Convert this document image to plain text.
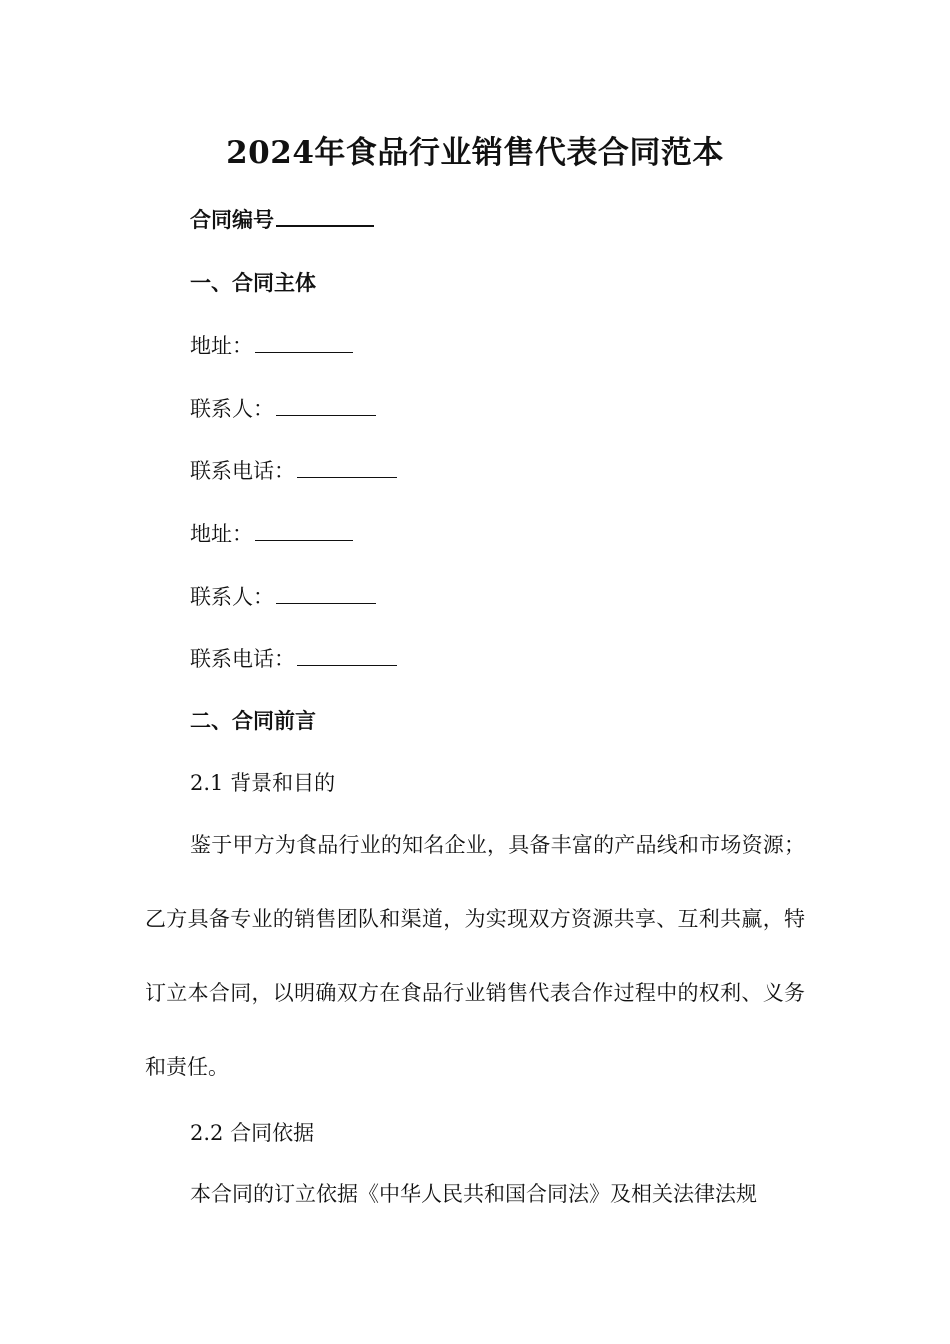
2024年食品行业销售代表合同范本
合同编号
一、合同主体
地址：
联系人：
联系电话：
地址：
联系人：
联系电话：
二、合同前言
2.1 背景和目的
鉴于甲方为食品行业的知名企业，具备丰富的产品线和市场资源；乙方具备专业的销售团队和渠道，为实现双方资源共享、互利共赢，特订立本合同，以明确双方在食品行业销售代表合作过程中的权利、义务和责任。
2.2 合同依据
本合同的订立依据《中华人民共和国合同法》及相关法律法规
